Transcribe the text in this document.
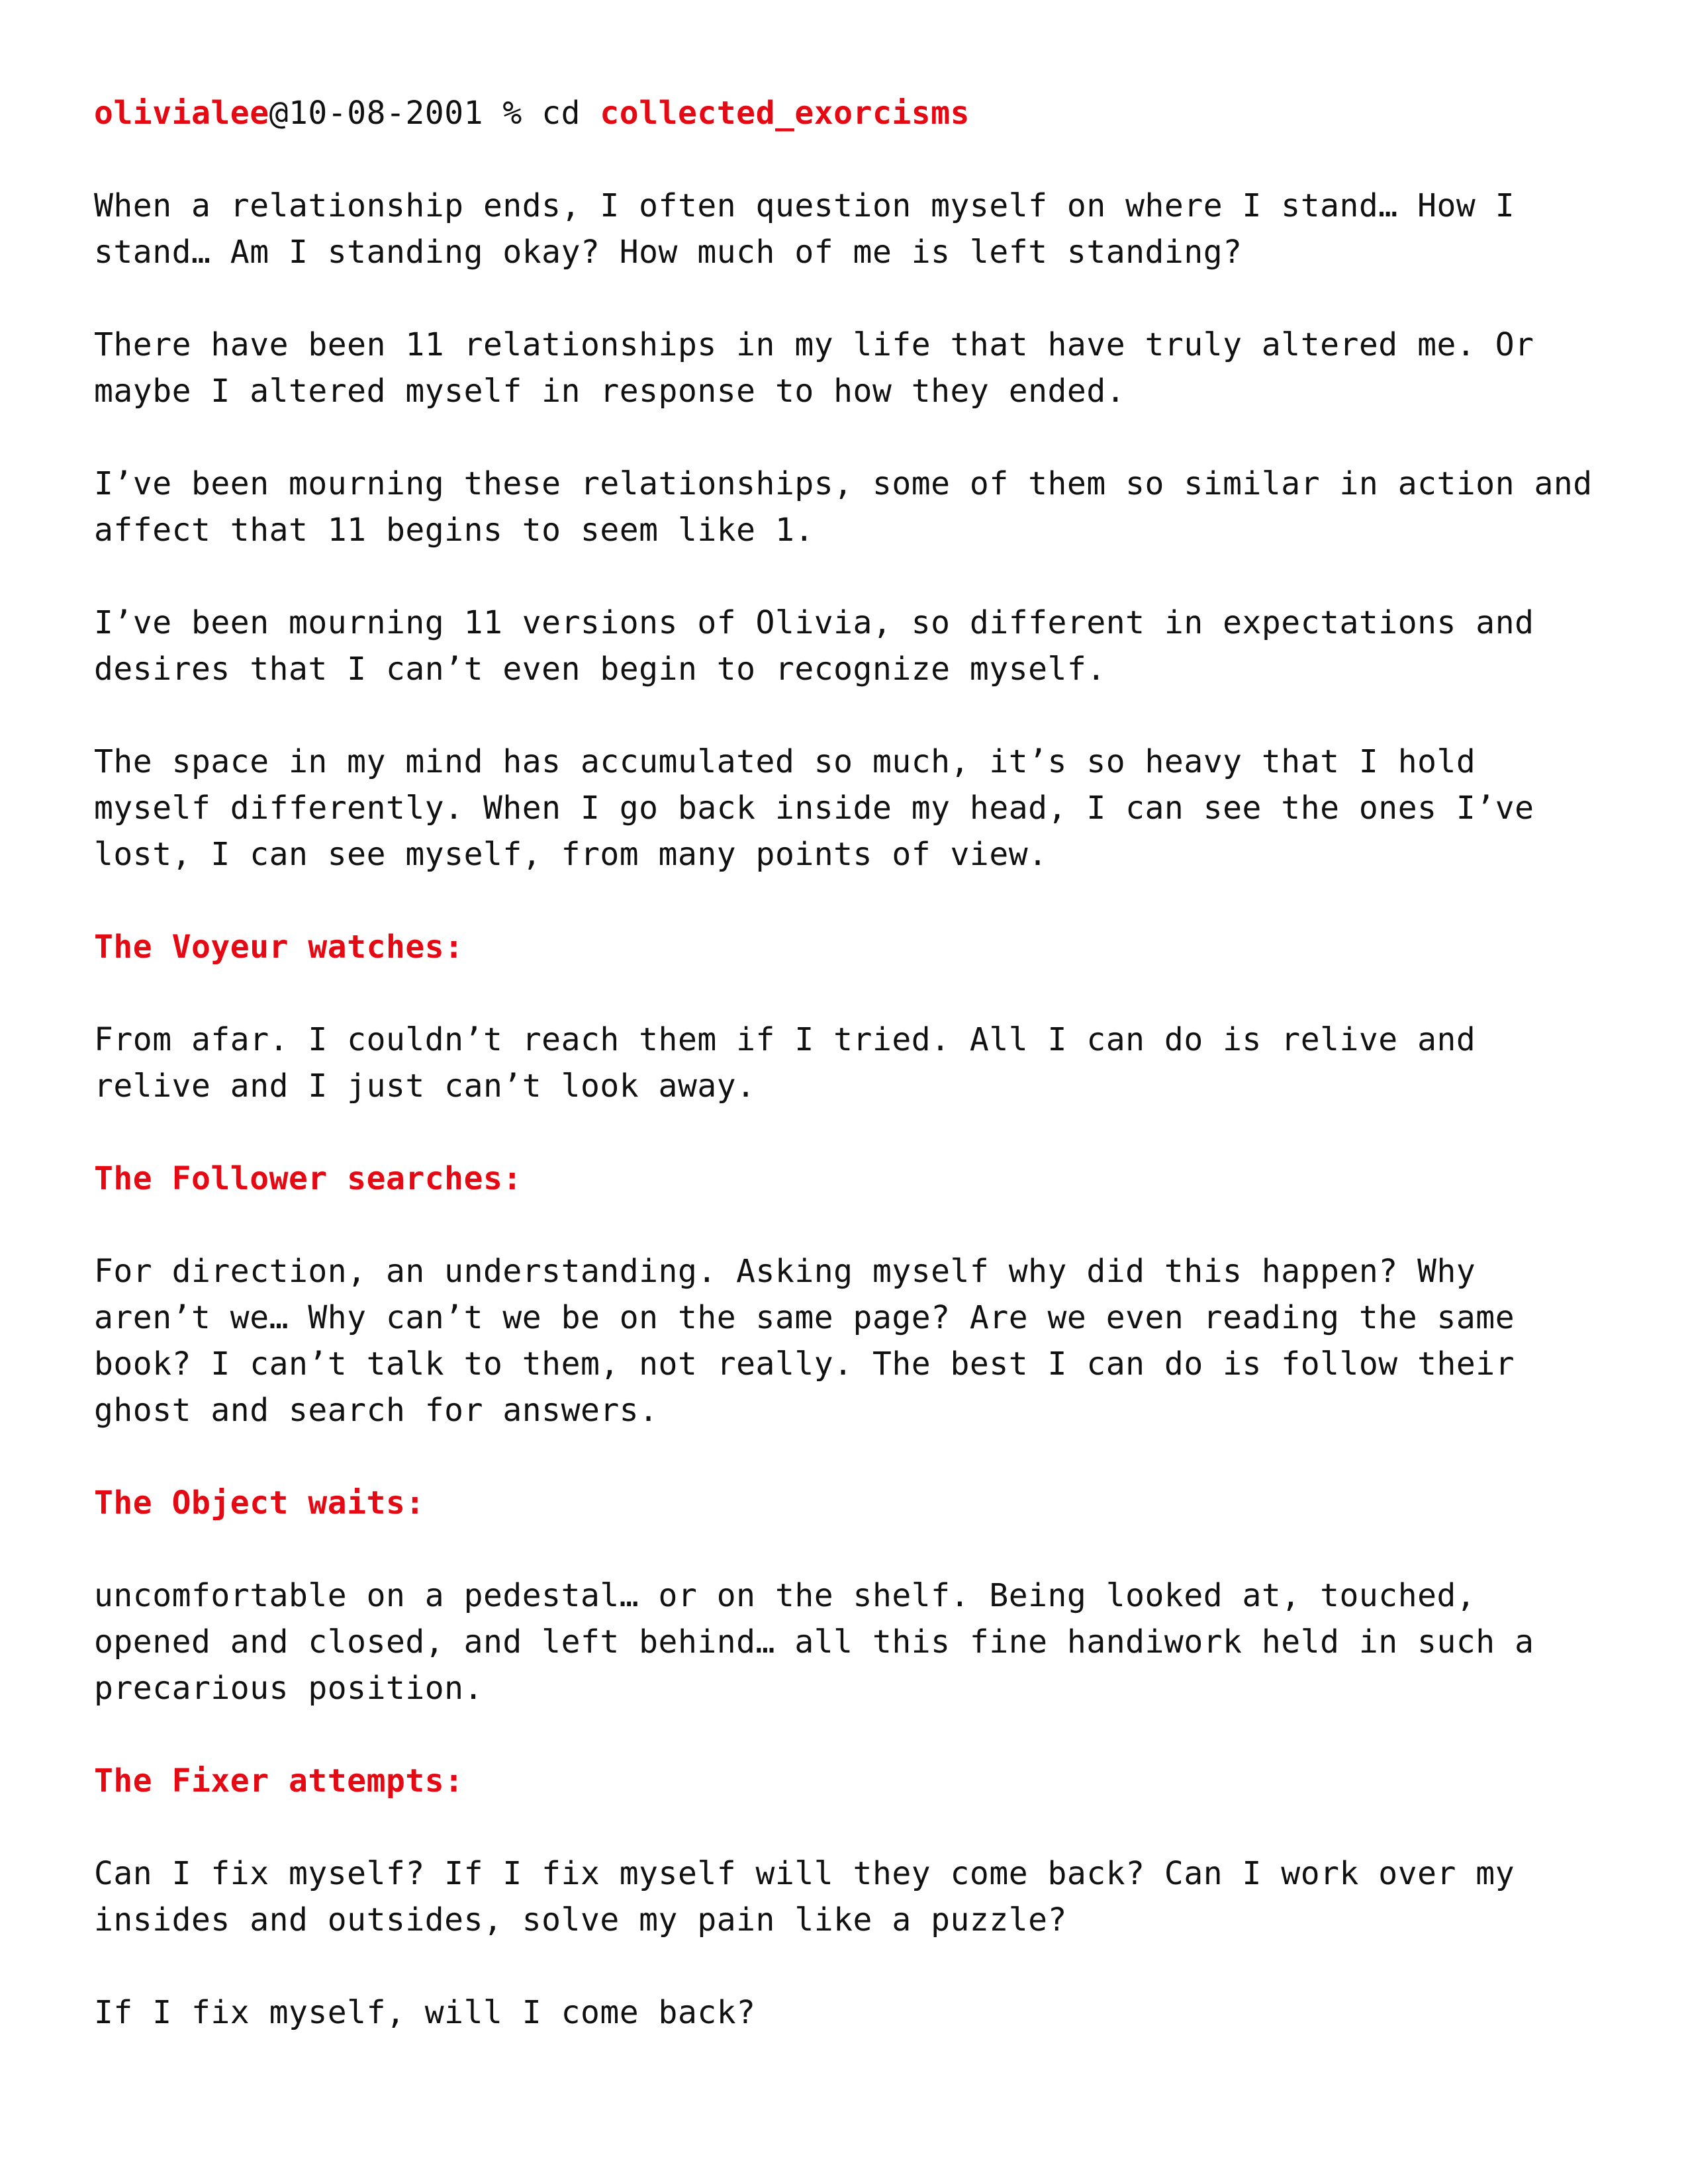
olivialee@10-08-2001 % cd collected_exorcisms

When a relationship ends, I often question myself on where I stand… How I
stand… Am I standing okay? How much of me is left standing?
There have been 11 relationships in my life that have truly altered me. Or
maybe I altered myself in response to how they ended.
I’ve been mourning these relationships, some of them so similar in action and
affect that 11 begins to seem like 1.
I’ve been mourning 11 versions of Olivia, so different in expectations and
desires that I can’t even begin to recognize myself.
The space in my mind has accumulated so much, it’s so heavy that I hold
myself differently. When I go back inside my head, I can see the ones I’ve
lost, I can see myself, from many points of view.

The Voyeur watches:

From afar. I couldn’t reach them if I tried. All I can do is relive and
relive and I just can’t look away.

The Follower searches:

For direction, an understanding. Asking myself why did this happen? Why
aren’t we… Why can’t we be on the same page? Are we even reading the same
book? I can’t talk to them, not really. The best I can do is follow their
ghost and search for answers.

The Object waits:

uncomfortable on a pedestal… or on the shelf. Being looked at, touched,
opened and closed, and left behind… all this fine handiwork held in such a
precarious position.

The Fixer attempts:

Can I fix myself? If I fix myself will they come back? Can I work over my
insides and outsides, solve my pain like a puzzle?

If I fix myself, will I come back?
